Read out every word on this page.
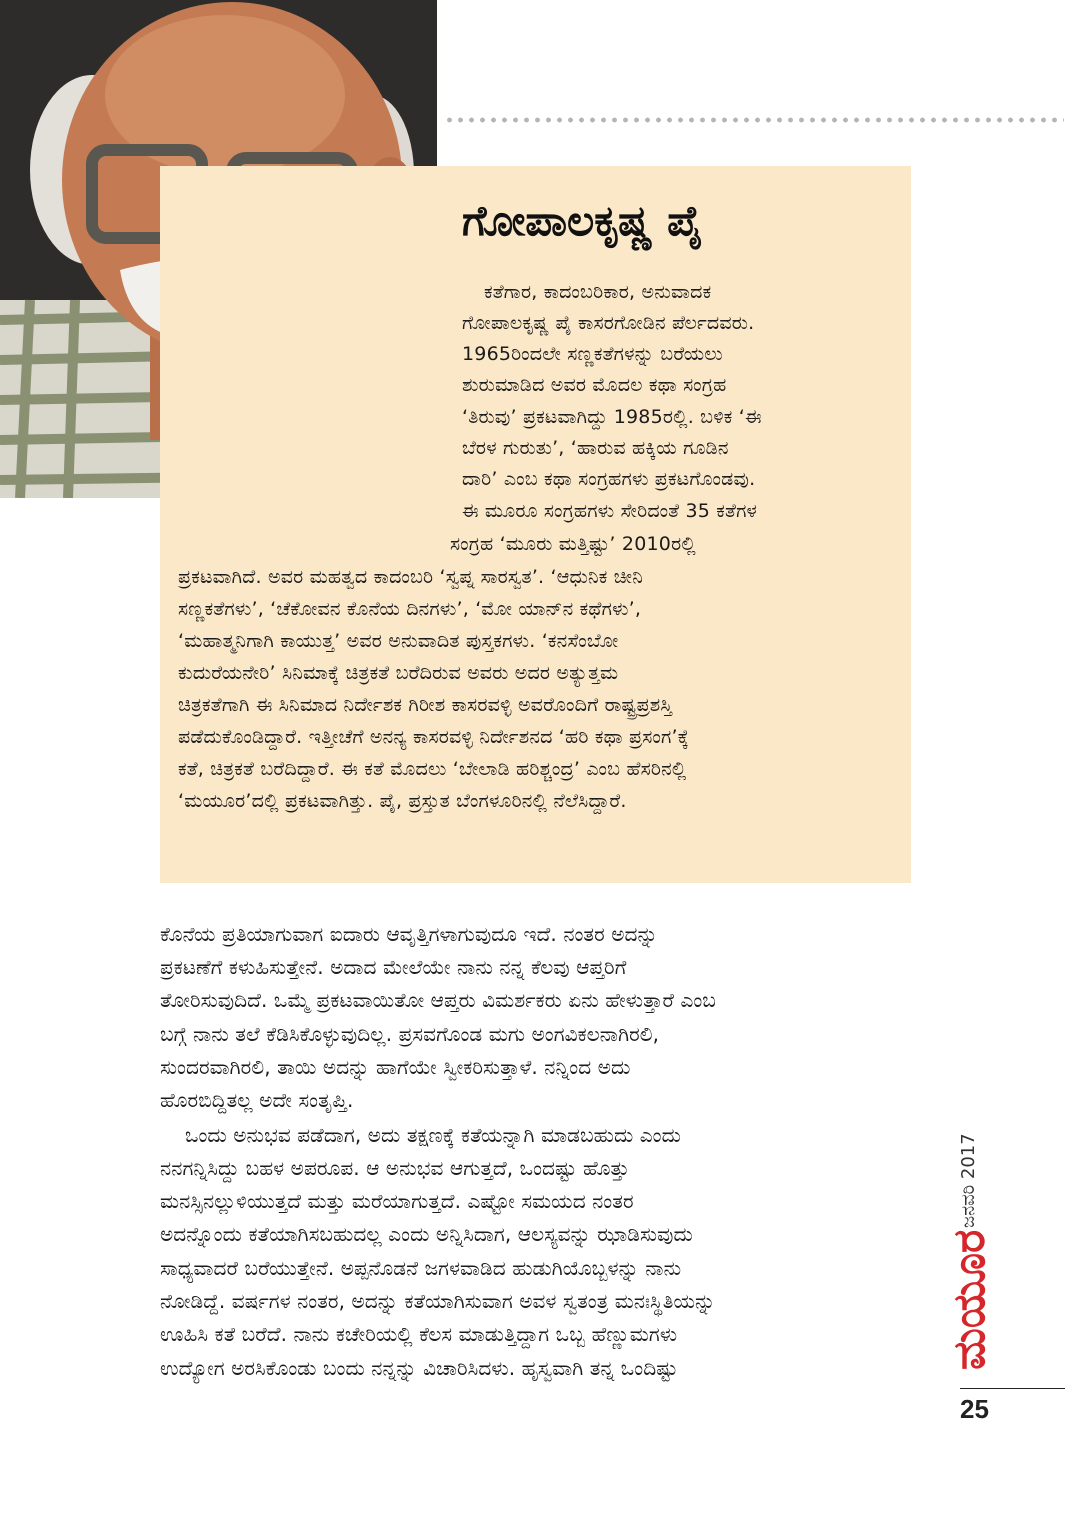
ಗೋಪಾಲಕೃಷ್ಣ ಪೈ
ಕತೆಗಾರ, ಕಾದಂಬರಿಕಾರ, ಅನುವಾದಕ
ಗೋಪಾಲಕೃಷ್ಣ ಪೈ ಕಾಸರಗೋಡಿನ ಪೆರ್ಲದವರು.
1965ರಿಂದಲೇ ಸಣ್ಣಕತೆಗಳನ್ನು ಬರೆಯಲು
ಶುರುಮಾಡಿದ ಅವರ ಮೊದಲ ಕಥಾ ಸಂಗ್ರಹ
‘ತಿರುವು’ ಪ್ರಕಟವಾಗಿದ್ದು 1985ರಲ್ಲಿ. ಬಳಿಕ ‘ಈ
ಬೆರಳ ಗುರುತು’, ‘ಹಾರುವ ಹಕ್ಕಿಯ ಗೂಡಿನ
ದಾರಿ’ ಎಂಬ ಕಥಾ ಸಂಗ್ರಹಗಳು ಪ್ರಕಟಗೊಂಡವು.
ಈ ಮೂರೂ ಸಂಗ್ರಹಗಳು ಸೇರಿದಂತೆ 35 ಕತೆಗಳ
ಸಂಗ್ರಹ ‘ಮೂರು ಮತ್ತಿಷ್ಟು’ 2010ರಲ್ಲಿ
ಪ್ರಕಟವಾಗಿದೆ. ಅವರ ಮಹತ್ವದ ಕಾದಂಬರಿ ‘ಸ್ವಪ್ನ ಸಾರಸ್ವತ’. ‘ಆಧುನಿಕ ಚೀನಿ
ಸಣ್ಣಕತೆಗಳು’, ‘ಚೆಕೋವನ ಕೊನೆಯ ದಿನಗಳು’, ‘ಮೋ ಯಾನ್‌ನ ಕಥೆಗಳು’,
‘ಮಹಾತ್ಮನಿಗಾಗಿ ಕಾಯುತ್ತ’ ಅವರ ಅನುವಾದಿತ ಪುಸ್ತಕಗಳು. ‘ಕನಸೆಂಬೋ
ಕುದುರೆಯನೇರಿ’ ಸಿನಿಮಾಕ್ಕೆ ಚಿತ್ರಕತೆ ಬರೆದಿರುವ ಅವರು ಅದರ ಅತ್ಯುತ್ತಮ
ಚಿತ್ರಕತೆಗಾಗಿ ಈ ಸಿನಿಮಾದ ನಿರ್ದೇಶಕ ಗಿರೀಶ ಕಾಸರವಳ್ಳಿ ಅವರೊಂದಿಗೆ ರಾಷ್ಟ್ರಪ್ರಶಸ್ತಿ
ಪಡೆದುಕೊಂಡಿದ್ದಾರೆ. ಇತ್ತೀಚೆಗೆ ಅನನ್ಯ ಕಾಸರವಳ್ಳಿ ನಿರ್ದೇಶನದ ‘ಹರಿ ಕಥಾ ಪ್ರಸಂಗ’ಕ್ಕೆ
ಕತೆ, ಚಿತ್ರಕತೆ ಬರೆದಿದ್ದಾರೆ. ಈ ಕತೆ ಮೊದಲು ‘ಬೇಲಾಡಿ ಹರಿಶ್ಚಂದ್ರ’ ಎಂಬ ಹೆಸರಿನಲ್ಲಿ
‘ಮಯೂರ’ದಲ್ಲಿ ಪ್ರಕಟವಾಗಿತ್ತು. ಪೈ, ಪ್ರಸ್ತುತ ಬೆಂಗಳೂರಿನಲ್ಲಿ ನೆಲೆಸಿದ್ದಾರೆ.
ಕೊನೆಯ ಪ್ರತಿಯಾಗುವಾಗ ಐದಾರು ಆವೃತ್ತಿಗಳಾಗುವುದೂ ಇದೆ. ನಂತರ ಅದನ್ನು
ಪ್ರಕಟಣೆಗೆ ಕಳುಹಿಸುತ್ತೇನೆ. ಅದಾದ ಮೇಲೆಯೇ ನಾನು ನನ್ನ ಕೆಲವು ಆಪ್ತರಿಗೆ
ತೋರಿಸುವುದಿದೆ. ಒಮ್ಮೆ ಪ್ರಕಟವಾಯಿತೋ ಆಪ್ತರು ವಿಮರ್ಶಕರು ಏನು ಹೇಳುತ್ತಾರೆ ಎಂಬ
ಬಗ್ಗೆ ನಾನು ತಲೆ ಕೆಡಿಸಿಕೊಳ್ಳುವುದಿಲ್ಲ. ಪ್ರಸವಗೊಂಡ ಮಗು ಅಂಗವಿಕಲನಾಗಿರಲಿ,
ಸುಂದರವಾಗಿರಲಿ, ತಾಯಿ ಅದನ್ನು ಹಾಗೆಯೇ ಸ್ವೀಕರಿಸುತ್ತಾಳೆ. ನನ್ನಿಂದ ಅದು
ಹೊರಬಿದ್ದಿತಲ್ಲ ಅದೇ ಸಂತೃಪ್ತಿ.
ಒಂದು ಅನುಭವ ಪಡೆದಾಗ, ಅದು ತಕ್ಷಣಕ್ಕೆ ಕತೆಯನ್ನಾಗಿ ಮಾಡಬಹುದು ಎಂದು
ನನಗನ್ನಿಸಿದ್ದು ಬಹಳ ಅಪರೂಪ. ಆ ಅನುಭವ ಆಗುತ್ತದೆ, ಒಂದಷ್ಟು ಹೊತ್ತು
ಮನಸ್ಸಿನಲ್ಲುಳಿಯುತ್ತದೆ ಮತ್ತು ಮರೆಯಾಗುತ್ತದೆ. ಎಷ್ಟೋ ಸಮಯದ ನಂತರ
ಅದನ್ನೊಂದು ಕತೆಯಾಗಿಸಬಹುದಲ್ಲ ಎಂದು ಅನ್ನಿಸಿದಾಗ, ಆಲಸ್ಯವನ್ನು ಝಾಡಿಸುವುದು
ಸಾಧ್ಯವಾದರೆ ಬರೆಯುತ್ತೇನೆ. ಅಪ್ಪನೊಡನೆ ಜಗಳವಾಡಿದ ಹುಡುಗಿಯೊಬ್ಬಳನ್ನು ನಾನು
ನೋಡಿದ್ದೆ. ವರ್ಷಗಳ ನಂತರ, ಅದನ್ನು ಕತೆಯಾಗಿಸುವಾಗ ಅವಳ ಸ್ವತಂತ್ರ ಮನಃಸ್ಥಿತಿಯನ್ನು
ಊಹಿಸಿ ಕತೆ ಬರೆದೆ. ನಾನು ಕಚೇರಿಯಲ್ಲಿ ಕೆಲಸ ಮಾಡುತ್ತಿದ್ದಾಗ ಒಬ್ಬ ಹೆಣ್ಣುಮಗಳು
ಉದ್ಯೋಗ ಅರಸಿಕೊಂಡು ಬಂದು ನನ್ನನ್ನು ವಿಚಾರಿಸಿದಳು. ಹೃಸ್ವವಾಗಿ ತನ್ನ ಒಂದಿಷ್ಟು
ಜನವರಿ 2017
ಮಯೂರ
25
